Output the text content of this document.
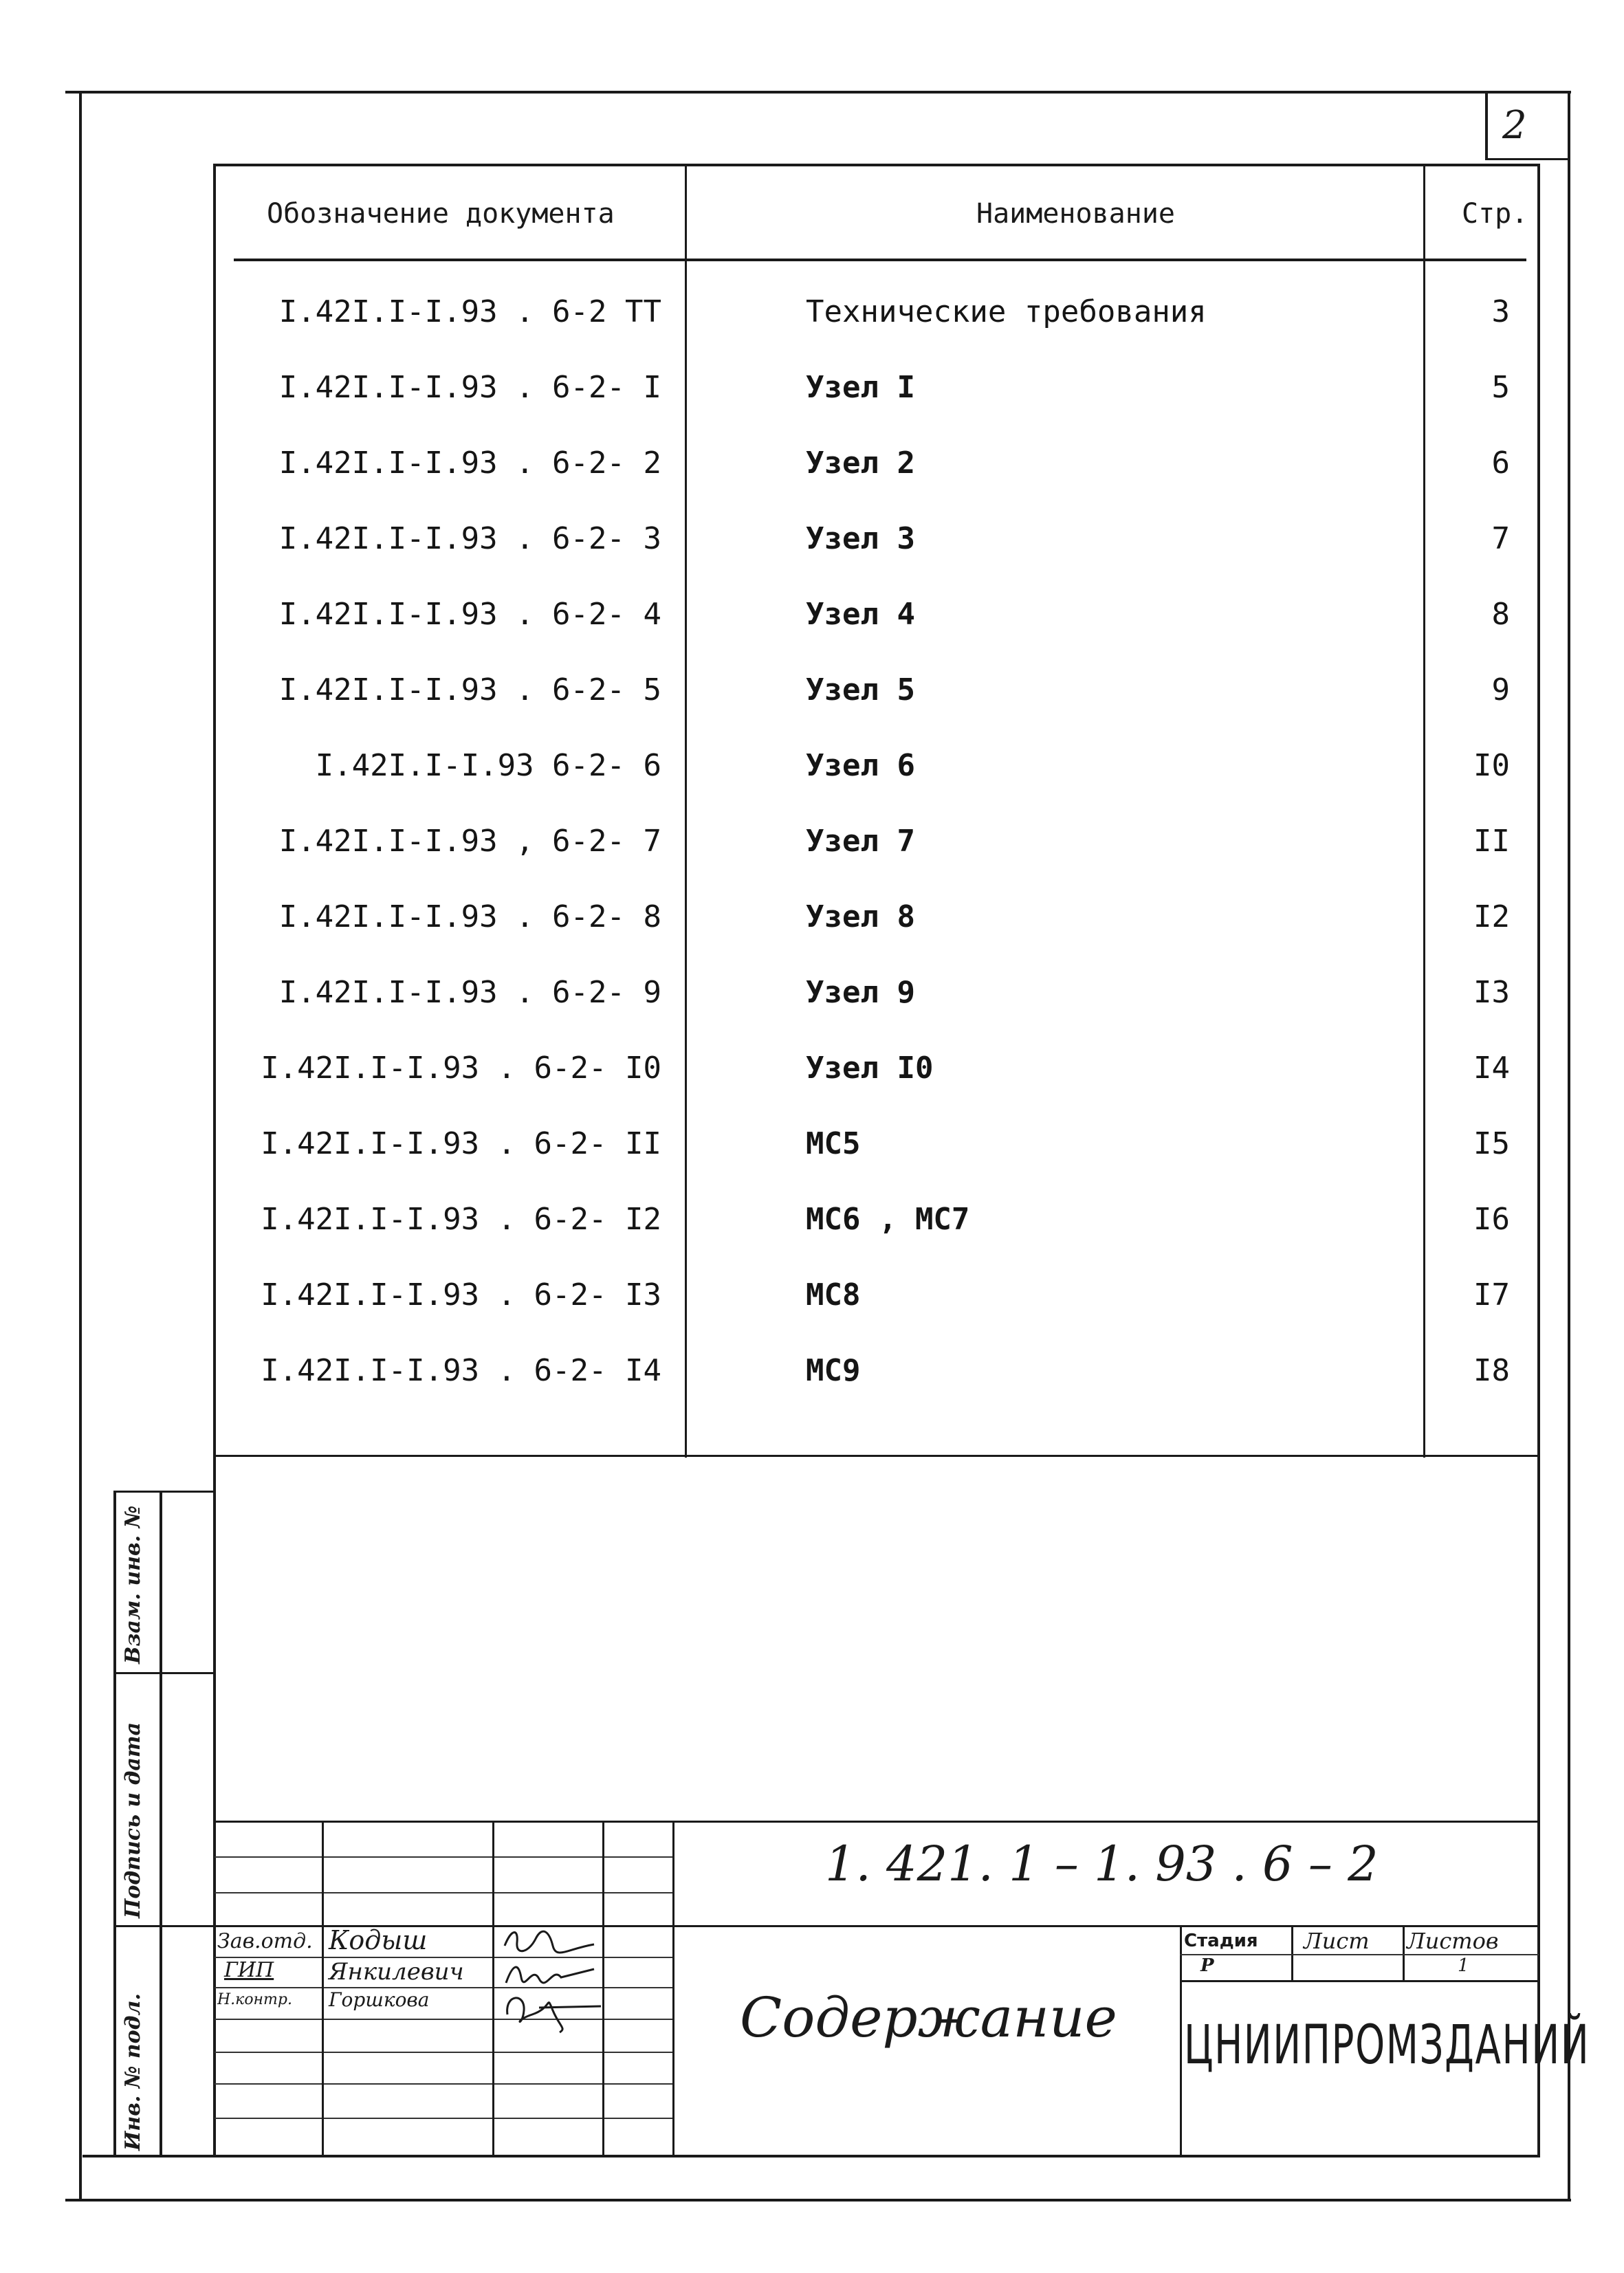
2
Обозначение документа	Наименование	Стр.
I.42I.I-I.93 . 6-2 ТТ	Технические требования	3
I.42I.I-I.93 . 6-2- I	Узел I	5
I.42I.I-I.93 . 6-2- 2	Узел 2	6
I.42I.I-I.93 . 6-2- 3	Узел 3	7
I.42I.I-I.93 . 6-2- 4	Узел 4	8
I.42I.I-I.93 . 6-2- 5	Узел 5	9
I.42I.I-I.93 6-2- 6	Узел 6	I0
I.42I.I-I.93 , 6-2- 7	Узел 7	II
I.42I.I-I.93 . 6-2- 8	Узел 8	I2
I.42I.I-I.93 . 6-2- 9	Узел 9	I3
I.42I.I-I.93 . 6-2- I0	Узел I0	I4
I.42I.I-I.93 . 6-2- II	МС5	I5
I.42I.I-I.93 . 6-2- I2	МС6 , МС7	I6
I.42I.I-I.93 . 6-2- I3	МС8	I7
I.42I.I-I.93 . 6-2- I4	МС9	I8
Взам. инв. №
Подпись и дата
Инв. № подл.
1. 421. 1 – 1. 93 . 6 – 2
Зав.отд. Кодыш
ГИП Янкилевич
Н.контр. Горшкова	Содержание
Стадия Лист Листов
Р	1
ЦНИИПРОМЗДАНИЙ
